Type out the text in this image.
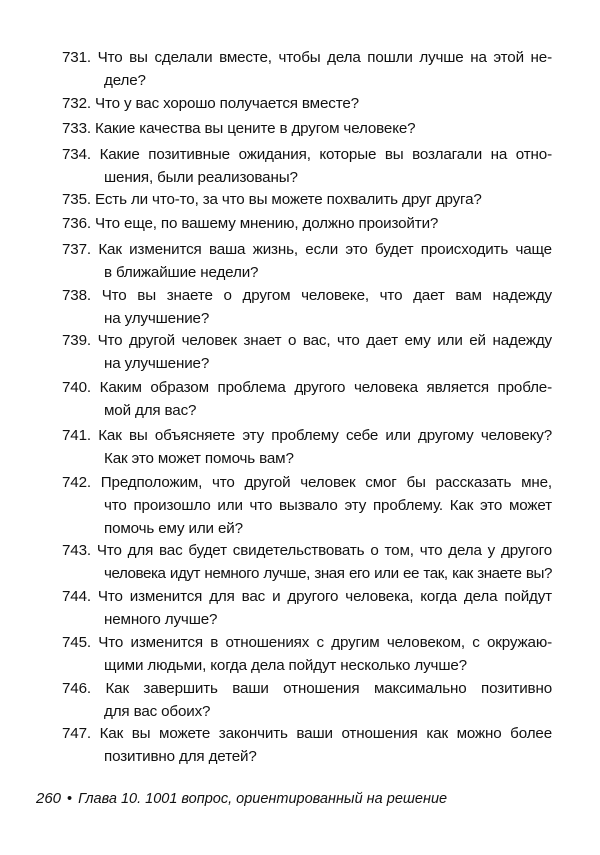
731. Что вы сделали вместе, чтобы дела пошли лучше на этой не-
деле?
732. Что у вас хорошо получается вместе?
733. Какие качества вы цените в другом человеке?
734. Какие позитивные ожидания, которые вы возлагали на отно-
шения, были реализованы?
735. Есть ли что-то, за что вы можете похвалить друг друга?
736. Что еще, по вашему мнению, должно произойти?
737. Как изменится ваша жизнь, если это будет происходить чаще
в ближайшие недели?
738. Что вы знаете о другом человеке, что дает вам надежду
на улучшение?
739. Что другой человек знает о вас, что дает ему или ей надежду
на улучшение?
740. Каким образом проблема другого человека является пробле-
мой для вас?
741. Как вы объясняете эту проблему себе или другому человеку?
Как это может помочь вам?
742. Предположим, что другой человек смог бы рассказать мне,
что произошло или что вызвало эту проблему. Как это может
помочь ему или ей?
743. Что для вас будет свидетельствовать о том, что дела у другого
человека идут немного лучше, зная его или ее так, как знаете вы?
744. Что изменится для вас и другого человека, когда дела пойдут
немного лучше?
745. Что изменится в отношениях с другим человеком, с окружаю-
щими людьми, когда дела пойдут несколько лучше?
746. Как завершить ваши отношения максимально позитивно
для вас обоих?
747. Как вы можете закончить ваши отношения как можно более
позитивно для детей?
260 • Глава 10. 1001 вопрос, ориентированный на решение
